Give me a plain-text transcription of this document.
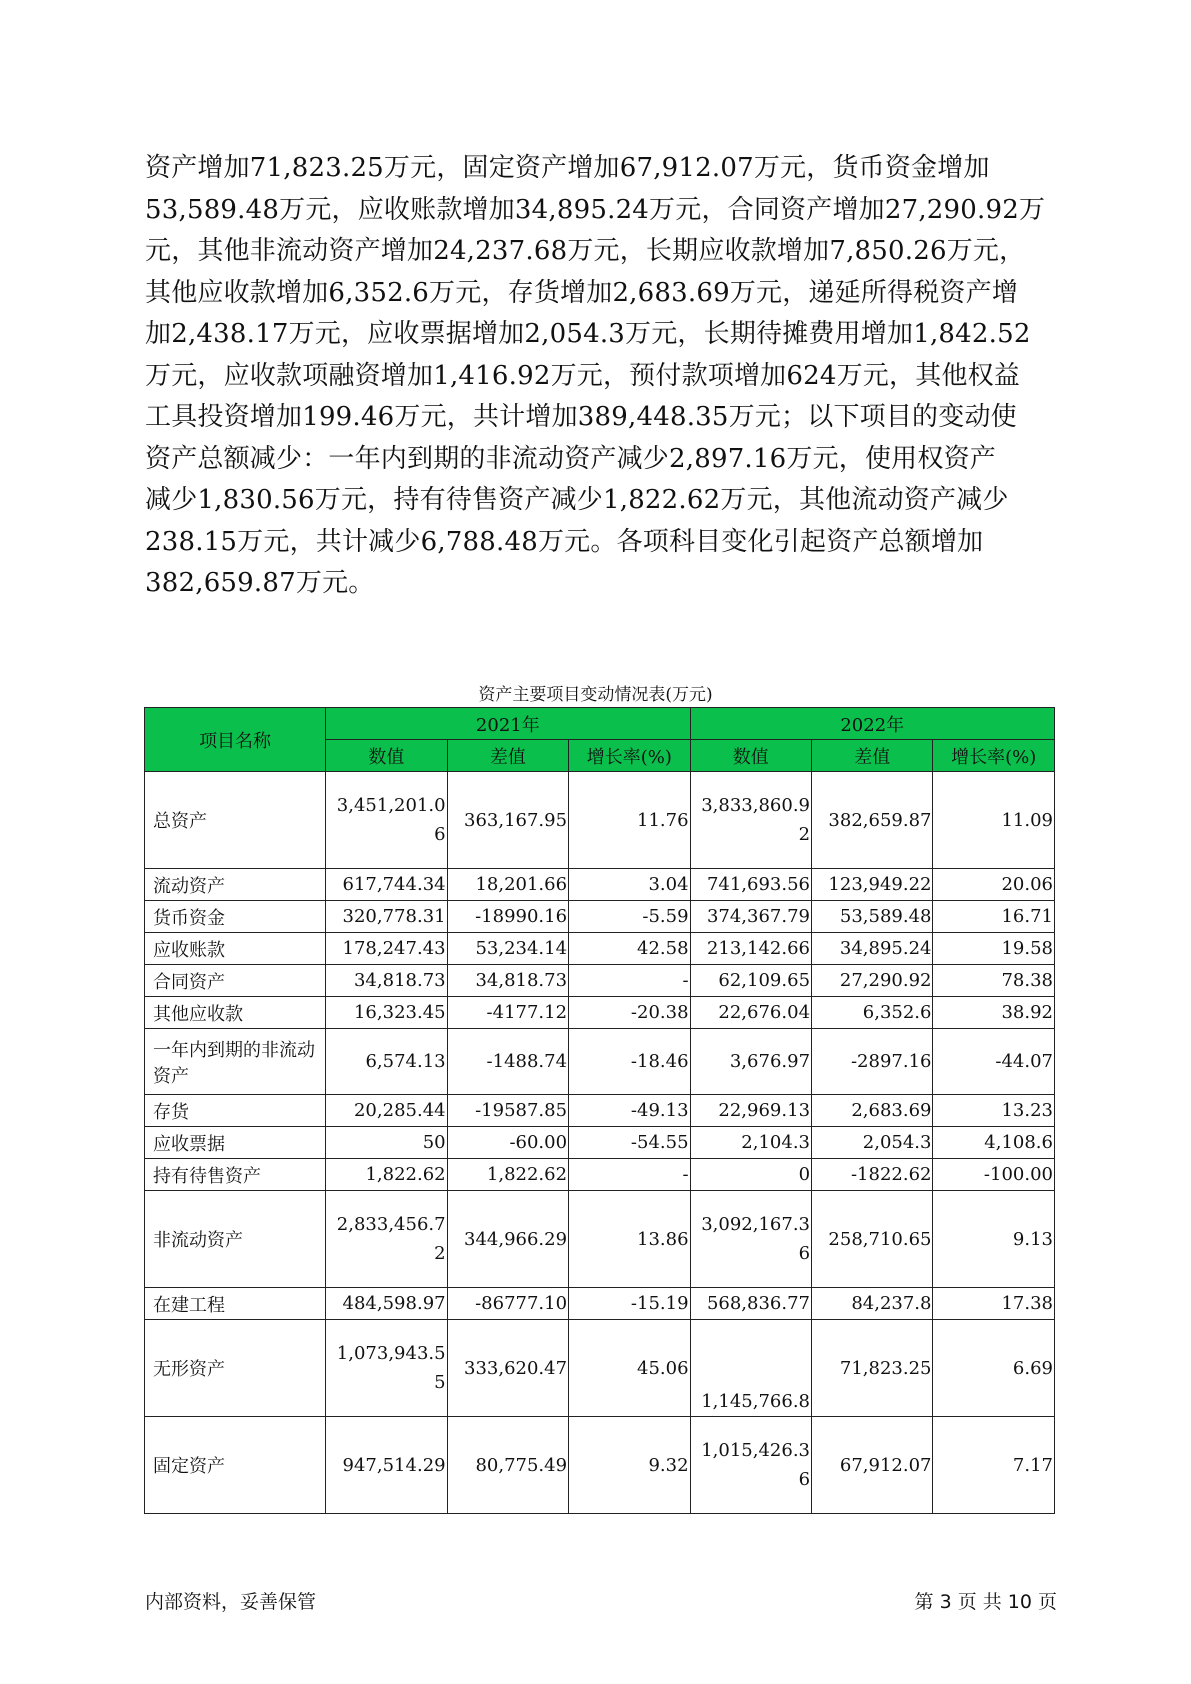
资产增加71,823.25万元，固定资产增加67,912.07万元，货币资金增加
53,589.48万元，应收账款增加34,895.24万元，合同资产增加27,290.92万
元，其他非流动资产增加24,237.68万元，长期应收款增加7,850.26万元，
其他应收款增加6,352.6万元，存货增加2,683.69万元，递延所得税资产增
加2,438.17万元，应收票据增加2,054.3万元，长期待摊费用增加1,842.52
万元，应收款项融资增加1,416.92万元，预付款项增加624万元，其他权益
工具投资增加199.46万元，共计增加389,448.35万元；以下项目的变动使
资产总额减少：一年内到期的非流动资产减少2,897.16万元，使用权资产
减少1,830.56万元，持有待售资产减少1,822.62万元，其他流动资产减少
238.15万元，共计减少6,788.48万元。各项科目变化引起资产总额增加
382,659.87万元。
资产主要项目变动情况表(万元)
项目名称	2021年			2022年		
	数值	差值	增长率(%)	数值	差值	增长率(%)
总资产	3,451,201.06	363,167.95	11.76	3,833,860.92	382,659.87	11.09
流动资产	617,744.34	18,201.66	3.04	741,693.56	123,949.22	20.06
货币资金	320,778.31	-18990.16	-5.59	374,367.79	53,589.48	16.71
应收账款	178,247.43	53,234.14	42.58	213,142.66	34,895.24	19.58
合同资产	34,818.73	34,818.73	-	62,109.65	27,290.92	78.38
其他应收款	16,323.45	-4177.12	-20.38	22,676.04	6,352.6	38.92
一年内到期的非流动资产	6,574.13	-1488.74	-18.46	3,676.97	-2897.16	-44.07
存货	20,285.44	-19587.85	-49.13	22,969.13	2,683.69	13.23
应收票据	50	-60.00	-54.55	2,104.3	2,054.3	4,108.6
持有待售资产	1,822.62	1,822.62	-	0	-1822.62	-100.00
非流动资产	2,833,456.72	344,966.29	13.86	3,092,167.36	258,710.65	9.13
在建工程	484,598.97	-86777.10	-15.19	568,836.77	84,237.8	17.38
无形资产	1,073,943.55	333,620.47	45.06	1,145,766.8	71,823.25	6.69
固定资产	947,514.29	80,775.49	9.32	1,015,426.36	67,912.07	7.17
内部资料，妥善保管	第 3 页 共 10 页
